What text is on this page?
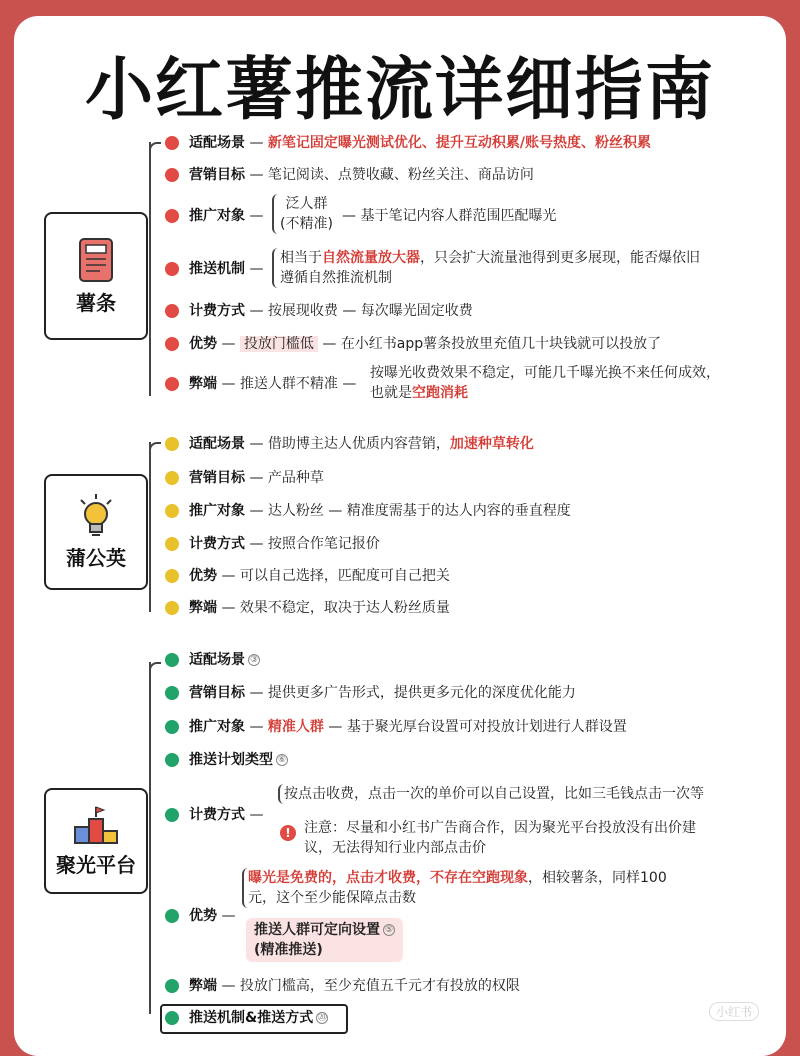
小红薯推流详细指南
薯条
适配场景 — 新笔记固定曝光测试优化、提升互动积累/账号热度、粉丝积累
营销目标 — 笔记阅读、点赞收藏、粉丝关注、商品访问
推广对象 —
泛人群
(不精准) — 基于笔记内容人群范围匹配曝光
推送机制 —
相当于自然流量放大器，只会扩大流量池得到更多展现，能否爆依旧
遵循自然推流机制
计费方式 — 按展现收费 — 每次曝光固定收费
优势 — 投放门槛低 — 在小红书app薯条投放里充值几十块钱就可以投放了
弊端 — 推送人群不精准 —
按曝光收费效果不稳定，可能几千曝光换不来任何成效，
也就是空跑消耗
蒲公英
适配场景 — 借助博主达人优质内容营销，加速种草转化
营销目标 — 产品种草
推广对象 — 达人粉丝 — 精准度需基于的达人内容的垂直程度
计费方式 — 按照合作笔记报价
优势 — 可以自己选择，匹配度可自己把关
弊端 — 效果不稳定，取决于达人粉丝质量
聚光平台
适配场景 ③
营销目标 — 提供更多广告形式，提供更多元化的深度优化能力
推广对象 — 精准人群 — 基于聚光厚台设置可对投放计划进行人群设置
推送计划类型 ⑥
计费方式 —
按点击收费，点击一次的单价可以自己设置，比如三毛钱点击一次等
! 注意：尽量和小红书广告商合作，因为聚光平台投放没有出价建
议，无法得知行业内部点击价
优势 —
曝光是免费的，点击才收费，不存在空跑现象，相较薯条，同样100
元，这个至少能保障点击数
推送人群可定向设置 ⑤
(精准推送)
弊端 — 投放门槛高，至少充值五千元才有投放的权限
推送机制&推送方式 ⑳	小红书
